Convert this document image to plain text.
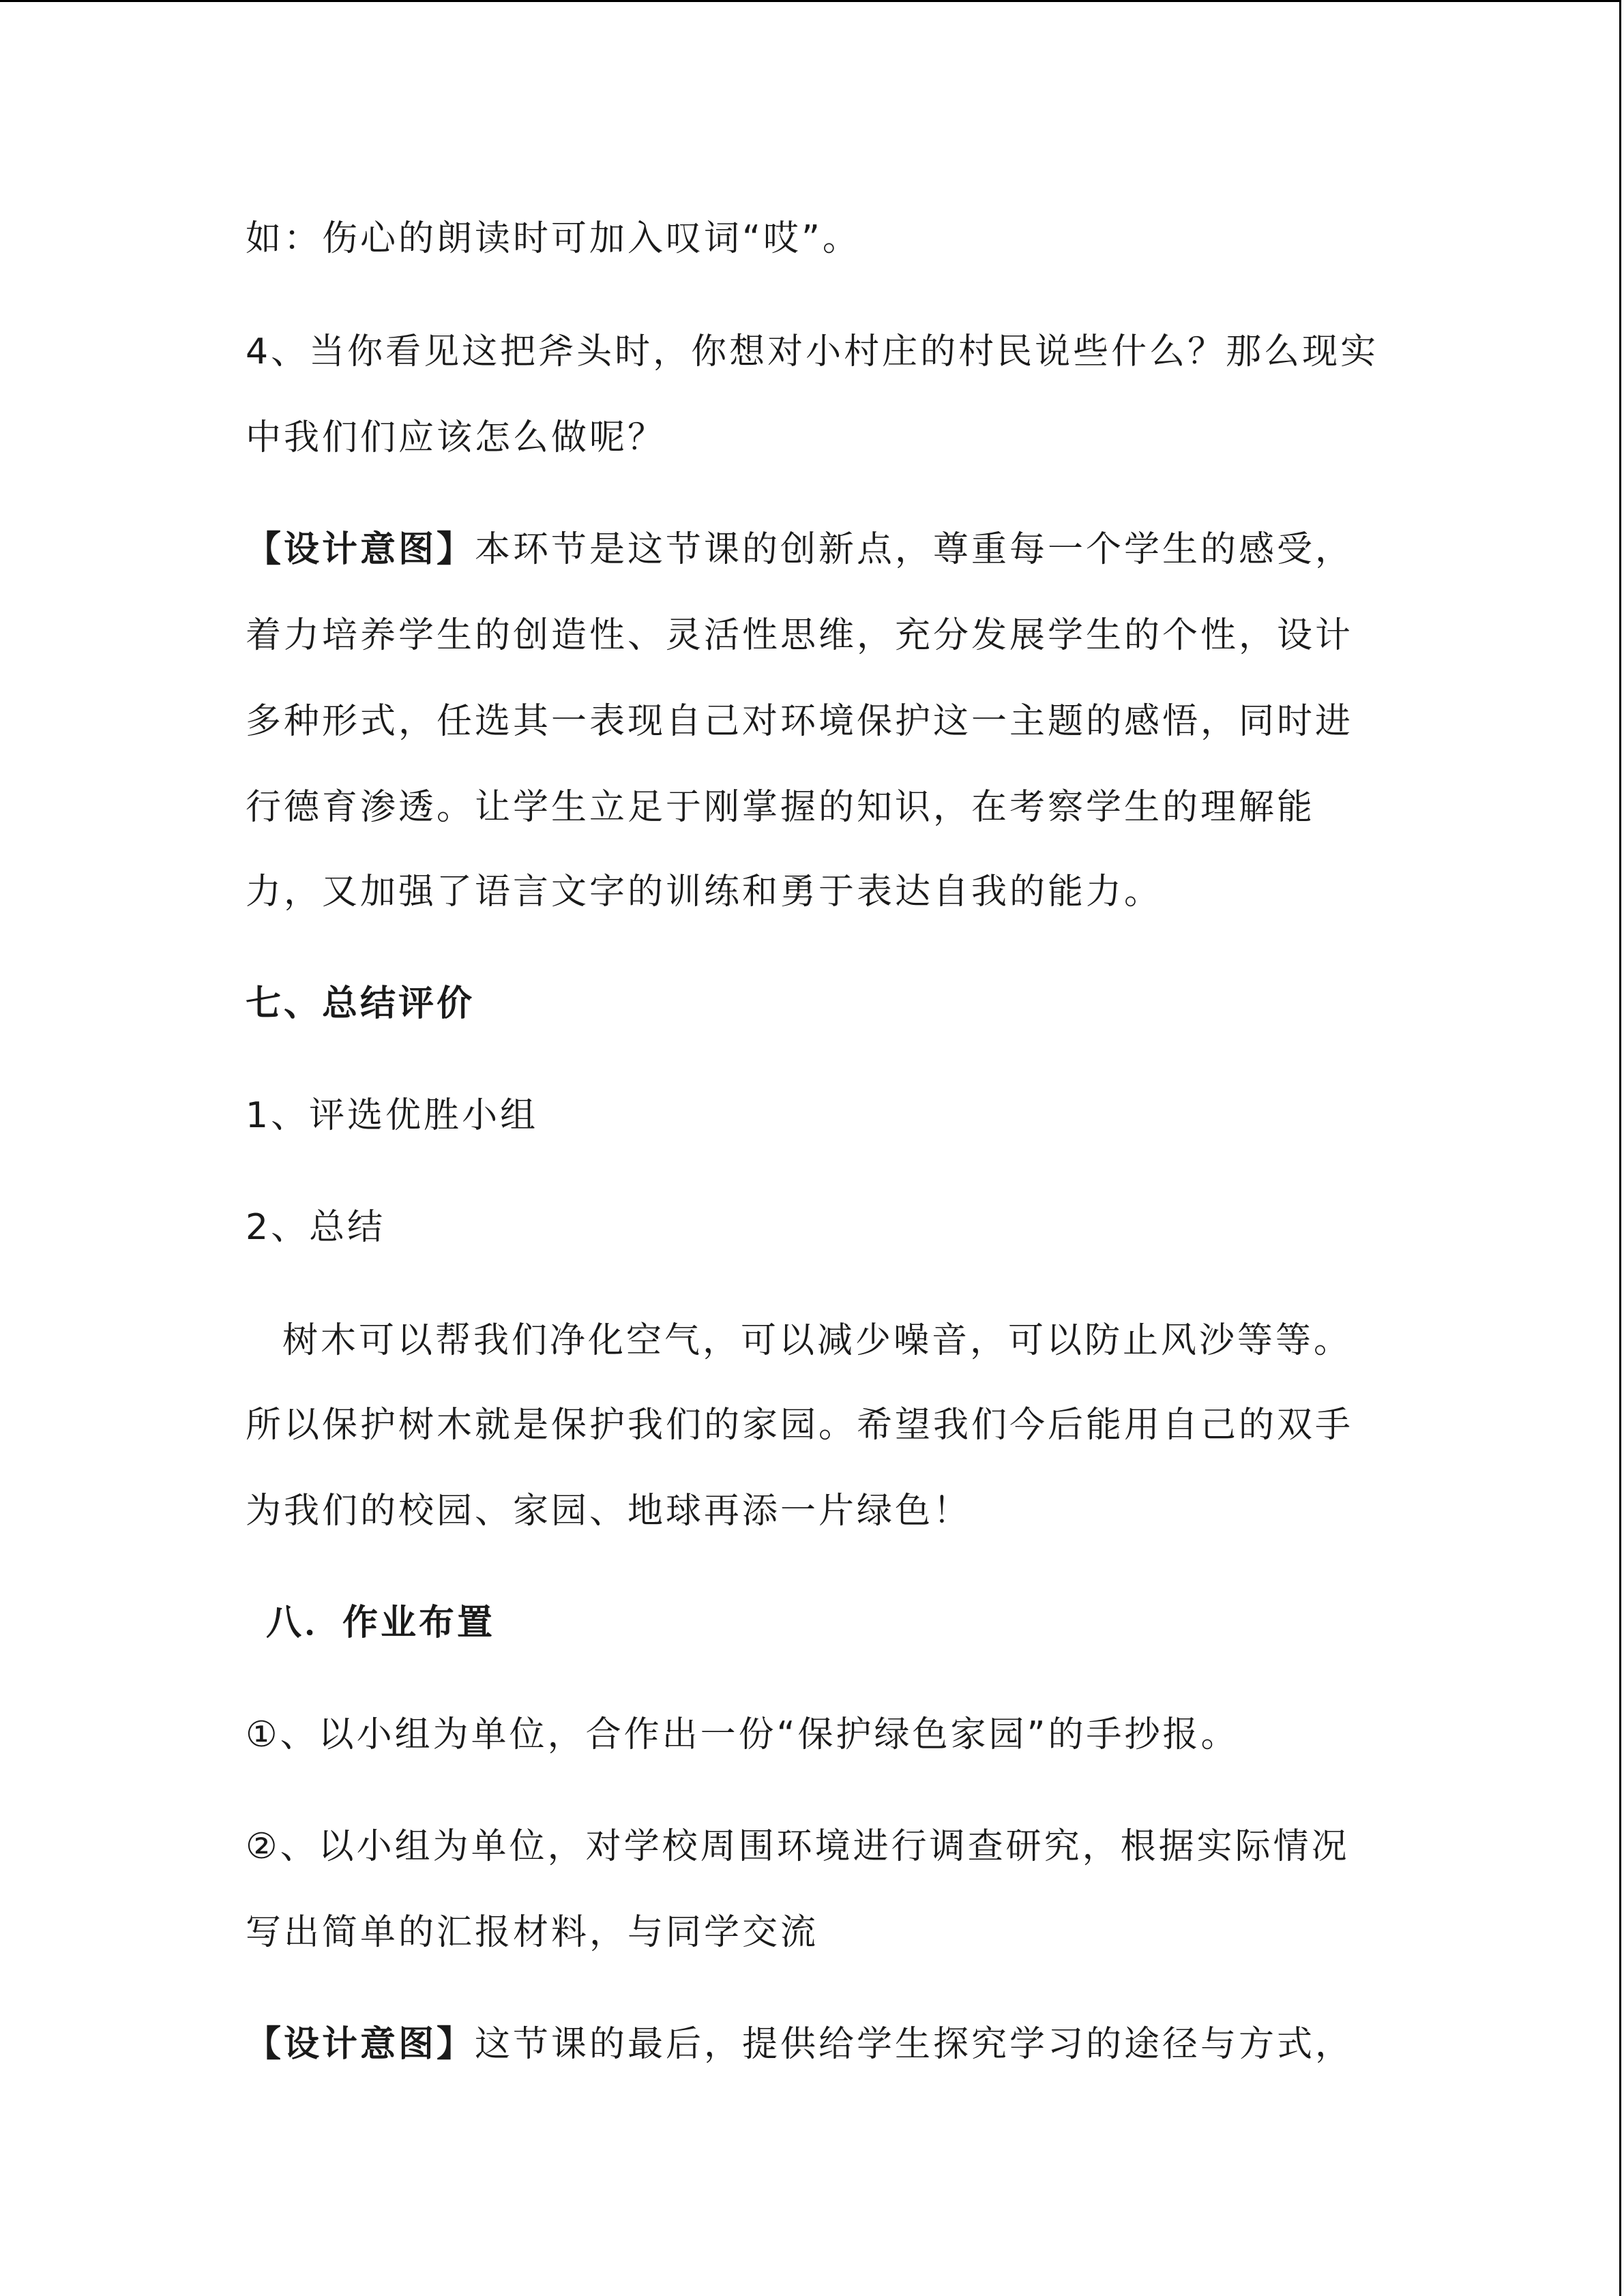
如：伤心的朗读时可加入叹词“哎”。

4、当你看见这把斧头时，你想对小村庄的村民说些什么？那么现实

中我们们应该怎么做呢？

【设计意图】本环节是这节课的创新点，尊重每一个学生的感受，

着力培养学生的创造性、灵活性思维，充分发展学生的个性，设计

多种形式，任选其一表现自己对环境保护这一主题的感悟，同时进

行德育渗透。让学生立足于刚掌握的知识，在考察学生的理解能

力，又加强了语言文字的训练和勇于表达自我的能力。

七、总结评价

1、评选优胜小组

2、总结

树木可以帮我们净化空气，可以减少噪音，可以防止风沙等等。

所以保护树木就是保护我们的家园。希望我们今后能用自己的双手

为我们的校园、家园、地球再添一片绿色！

八．作业布置

①、以小组为单位，合作出一份“保护绿色家园”的手抄报。

②、以小组为单位，对学校周围环境进行调查研究，根据实际情况

写出简单的汇报材料，与同学交流

【设计意图】这节课的最后，提供给学生探究学习的途径与方式，
